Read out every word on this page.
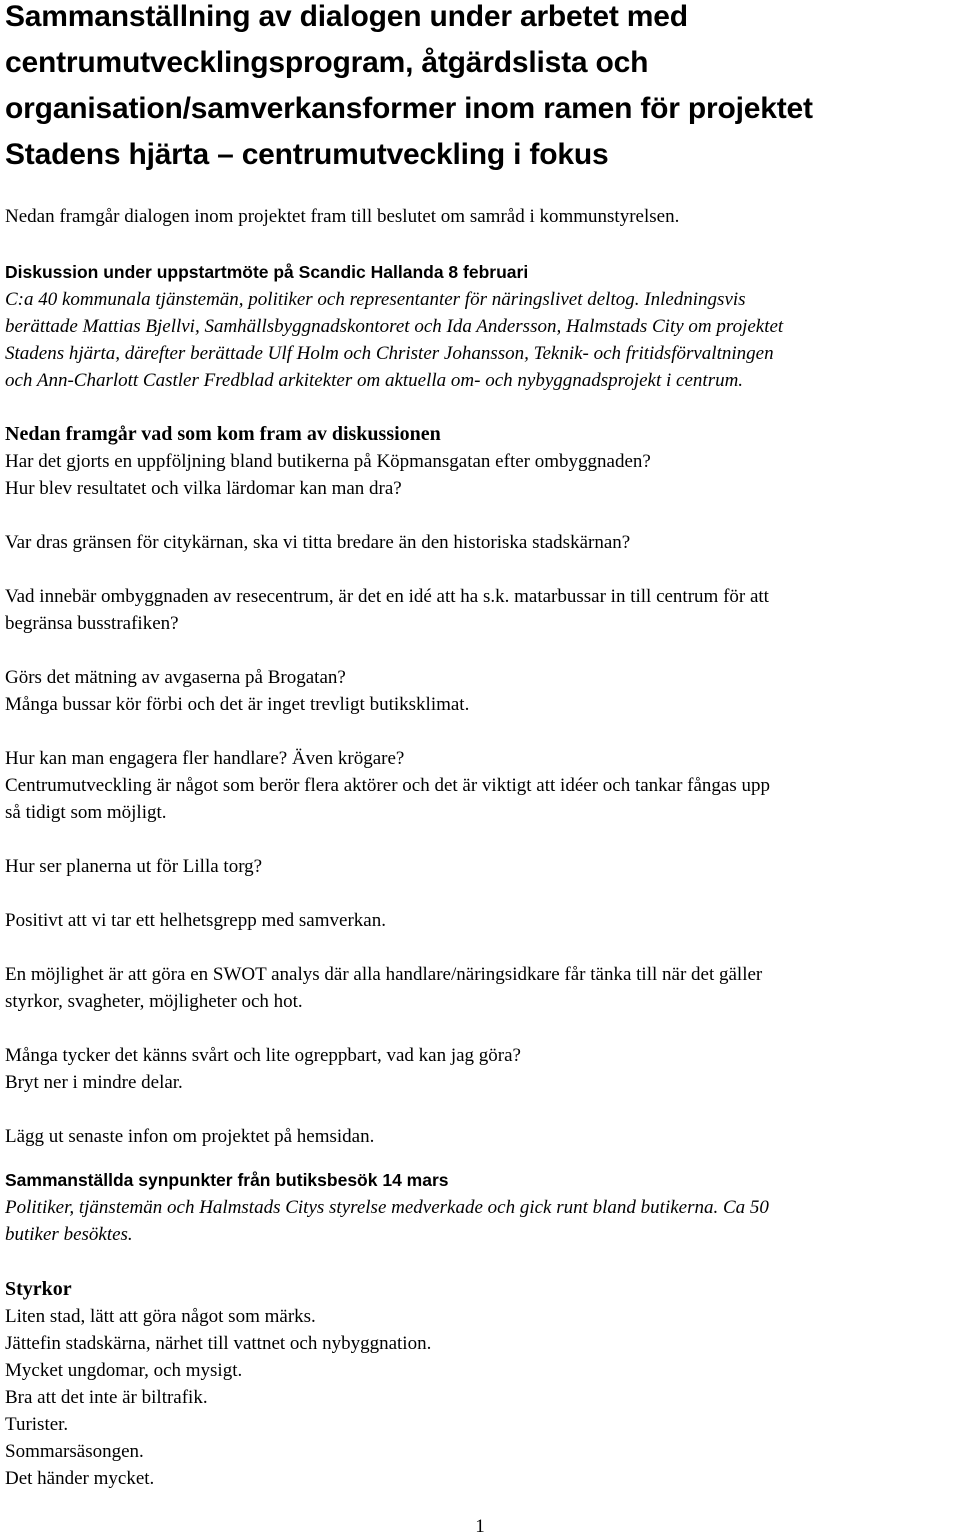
Sammanställning av dialogen under arbetet med
centrumutvecklingsprogram, åtgärdslista och
organisation/samverkansformer inom ramen för projektet
Stadens hjärta – centrumutveckling i fokus
Nedan framgår dialogen inom projektet fram till beslutet om samråd i kommunstyrelsen.
Diskussion under uppstartmöte på Scandic Hallanda 8 februari
C:a 40 kommunala tjänstemän, politiker och representanter för näringslivet deltog. Inledningsvis
berättade Mattias Bjellvi, Samhällsbyggnadskontoret och Ida Andersson, Halmstads City om projektet
Stadens hjärta, därefter berättade Ulf Holm och Christer Johansson, Teknik- och fritidsförvaltningen
och Ann-Charlott Castler Fredblad arkitekter om aktuella om- och nybyggnadsprojekt i centrum.
Nedan framgår vad som kom fram av diskussionen
Har det gjorts en uppföljning bland butikerna på Köpmansgatan efter ombyggnaden?
Hur blev resultatet och vilka lärdomar kan man dra?
Var dras gränsen för citykärnan, ska vi titta bredare än den historiska stadskärnan?
Vad innebär ombyggnaden av resecentrum, är det en idé att ha s.k. matarbussar in till centrum för att
begränsa busstrafiken?
Görs det mätning av avgaserna på Brogatan?
Många bussar kör förbi och det är inget trevligt butiksklimat.
Hur kan man engagera fler handlare? Även krögare?
Centrumutveckling är något som berör flera aktörer och det är viktigt att idéer och tankar fångas upp
så tidigt som möjligt.
Hur ser planerna ut för Lilla torg?
Positivt att vi tar ett helhetsgrepp med samverkan.
En möjlighet är att göra en SWOT analys där alla handlare/näringsidkare får tänka till när det gäller
styrkor, svagheter, möjligheter och hot.
Många tycker det känns svårt och lite ogreppbart, vad kan jag göra?
Bryt ner i mindre delar.
Lägg ut senaste infon om projektet på hemsidan.
Sammanställda synpunkter från butiksbesök 14 mars
Politiker, tjänstemän och Halmstads Citys styrelse medverkade och gick runt bland butikerna. Ca 50
butiker besöktes.
Styrkor
Liten stad, lätt att göra något som märks.
Jättefin stadskärna, närhet till vattnet och nybyggnation.
Mycket ungdomar, och mysigt.
Bra att det inte är biltrafik.
Turister.
Sommarsäsongen.
Det händer mycket.
1
